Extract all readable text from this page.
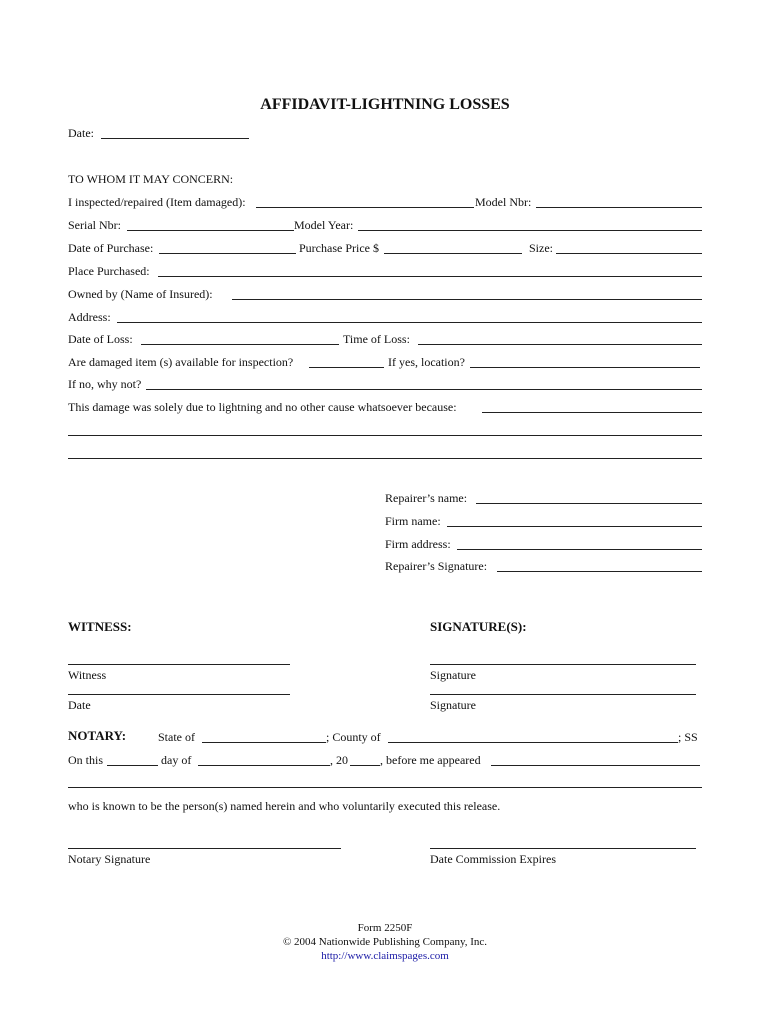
AFFIDAVIT-LIGHTNING LOSSES
Date:
TO WHOM IT MAY CONCERN:
I inspected/repaired (Item damaged):	Model Nbr:
Serial Nbr:	Model Year:
Date of Purchase:	Purchase Price $	Size:
Place Purchased:
Owned by (Name of Insured):
Address:
Date of Loss:	Time of Loss:
Are damaged item (s) available for inspection?	If yes, location?
If no, why not?
This damage was solely due to lightning and no other cause whatsoever because:
Repairer’s name:
Firm name:
Firm address:
Repairer’s Signature:
WITNESS:	SIGNATURE(S):
Witness	Signature
Date	Signature
NOTARY:	State of	; County of	; SS
On this	day of	, 20	, before me appeared
who is known to be the person(s) named herein and who voluntarily executed this release.
Notary Signature	Date Commission Expires
Form 2250F
© 2004 Nationwide Publishing Company, Inc.
http://www.claimspages.com
